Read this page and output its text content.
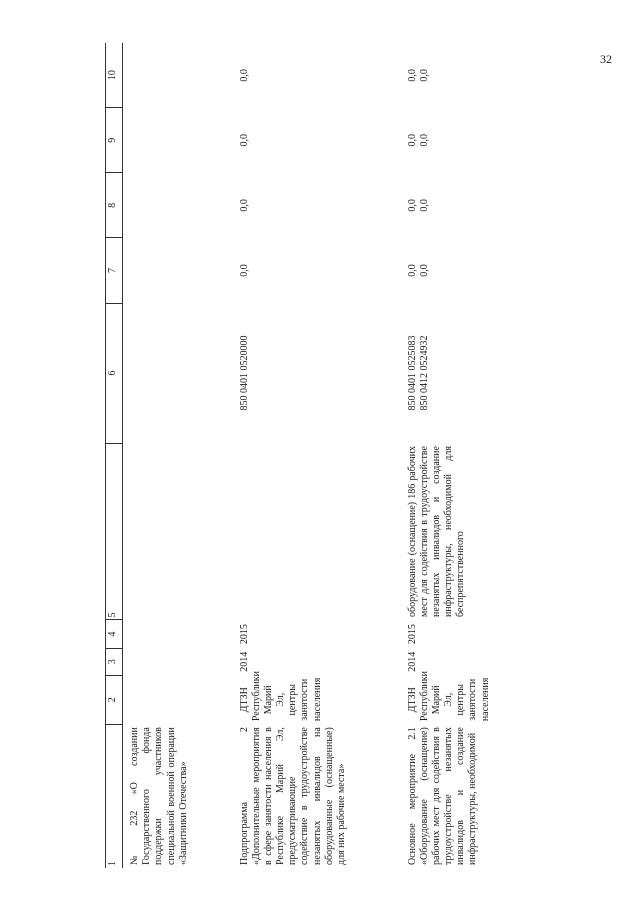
32
1	2	3	4	5	6	7	8	9	10
№ 232 «О создании Государственного фонда поддержки участников специальной военной операции «Защитники Отечества»									
Подпрограмма 2 «Дополнительные мероприятия в сфере занятости населения в Республике Марий Эл, предусматривающие содействие в трудоустройстве незанятых инвалидов на оборудованные (оснащенные) для них рабочие места»	ДТЗН Республики Марий Эл, центры занятости населения	2014	2015		850 0401 0520000	0,0	0,0	0,0	0,0
Основное мероприятие 2.1 «Оборудование (оснащение) рабочих мест для содействия в трудоустройстве незанятых инвалидов и создание инфраструктуры, необходимой	ДТЗН Республики Марий Эл, центры занятости населения	2014	2015	оборудование (оснащение) 186 рабочих мест для содействия в трудоустройстве незанятых инвалидов и создание инфраструктуры, необходимой для беспрепятственного	850 0401 0525083 850 0412 0524932	0,0 0,0	0,0 0,0	0,0 0,0	0,0 0,0
